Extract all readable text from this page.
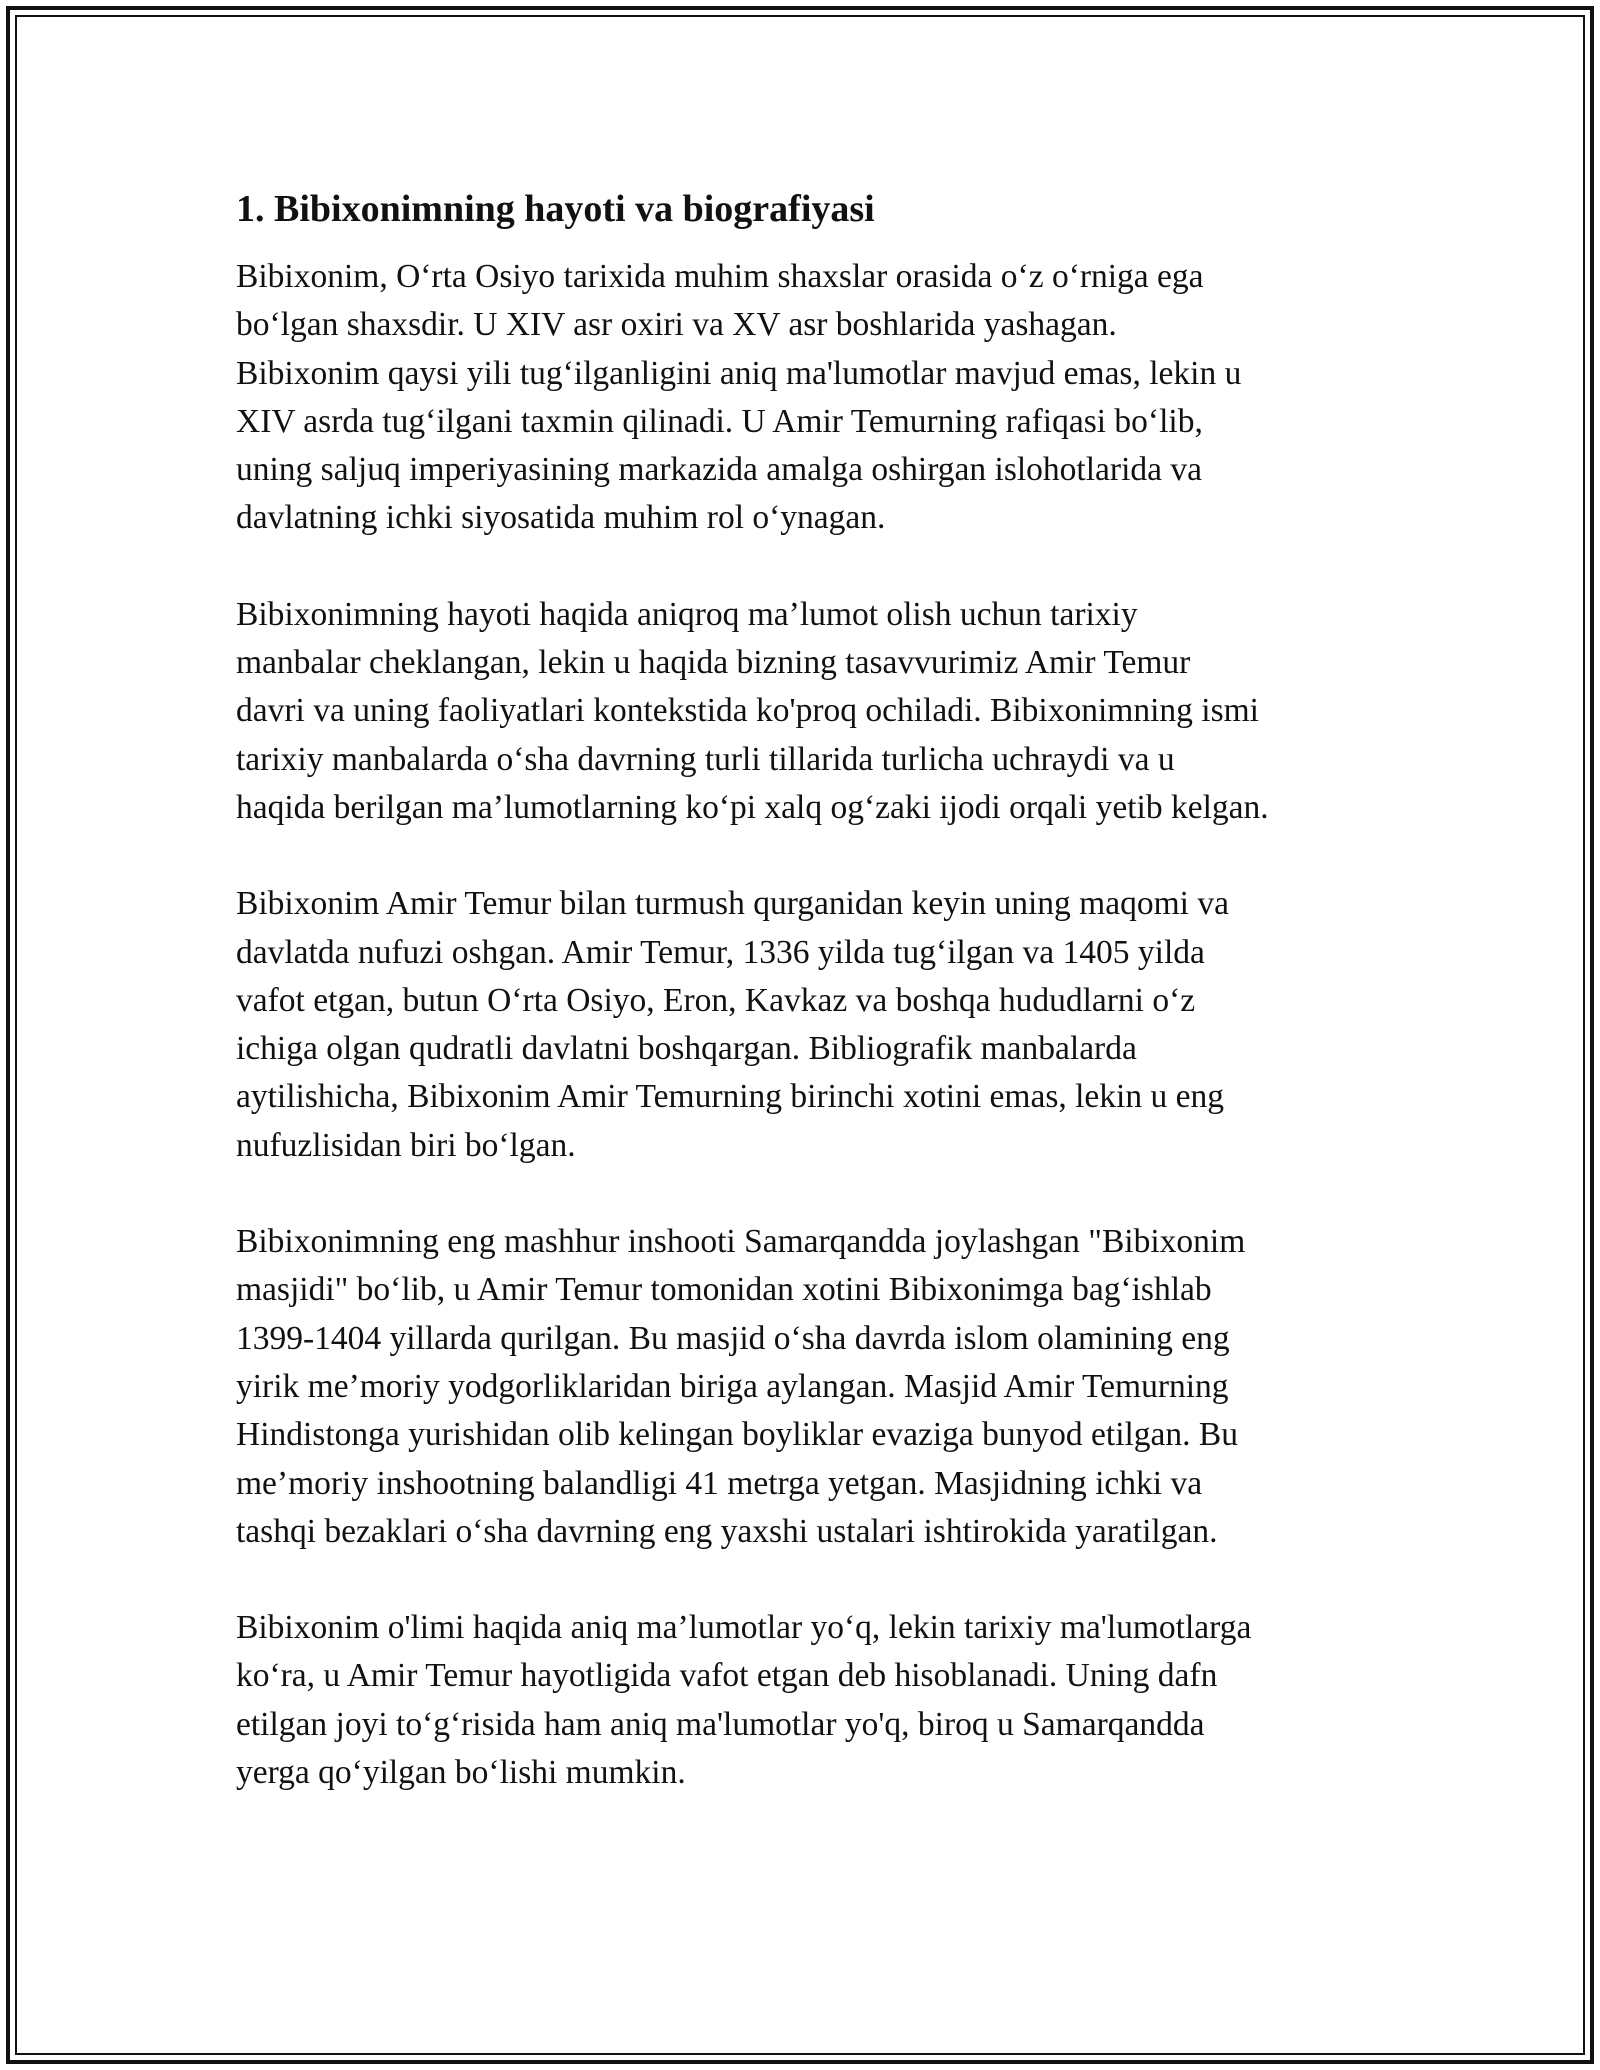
1. Bibixonimning hayoti va biografiyasi
Bibixonim, O‘rta Osiyo tarixida muhim shaxslar orasida o‘z o‘rniga ega
bo‘lgan shaxsdir. U XIV asr oxiri va XV asr boshlarida yashagan.
Bibixonim qaysi yili tug‘ilganligini aniq ma'lumotlar mavjud emas, lekin u
XIV asrda tug‘ilgani taxmin qilinadi. U Amir Temurning rafiqasi bo‘lib,
uning saljuq imperiyasining markazida amalga oshirgan islohotlarida va
davlatning ichki siyosatida muhim rol o‘ynagan.
Bibixonimning hayoti haqida aniqroq ma’lumot olish uchun tarixiy
manbalar cheklangan, lekin u haqida bizning tasavvurimiz Amir Temur
davri va uning faoliyatlari kontekstida ko'proq ochiladi. Bibixonimning ismi
tarixiy manbalarda o‘sha davrning turli tillarida turlicha uchraydi va u
haqida berilgan ma’lumotlarning ko‘pi xalq og‘zaki ijodi orqali yetib kelgan.
Bibixonim Amir Temur bilan turmush qurganidan keyin uning maqomi va
davlatda nufuzi oshgan. Amir Temur, 1336 yilda tug‘ilgan va 1405 yilda
vafot etgan, butun O‘rta Osiyo, Eron, Kavkaz va boshqa hududlarni o‘z
ichiga olgan qudratli davlatni boshqargan. Bibliografik manbalarda
aytilishicha, Bibixonim Amir Temurning birinchi xotini emas, lekin u eng
nufuzlisidan biri bo‘lgan.
Bibixonimning eng mashhur inshooti Samarqandda joylashgan "Bibixonim
masjidi" bo‘lib, u Amir Temur tomonidan xotini Bibixonimga bag‘ishlab
1399-1404 yillarda qurilgan. Bu masjid o‘sha davrda islom olamining eng
yirik me’moriy yodgorliklaridan biriga aylangan. Masjid Amir Temurning
Hindistonga yurishidan olib kelingan boyliklar evaziga bunyod etilgan. Bu
me’moriy inshootning balandligi 41 metrga yetgan. Masjidning ichki va
tashqi bezaklari o‘sha davrning eng yaxshi ustalari ishtirokida yaratilgan.
Bibixonim o'limi haqida aniq ma’lumotlar yo‘q, lekin tarixiy ma'lumotlarga
ko‘ra, u Amir Temur hayotligida vafot etgan deb hisoblanadi. Uning dafn
etilgan joyi to‘g‘risida ham aniq ma'lumotlar yo'q, biroq u Samarqandda
yerga qo‘yilgan bo‘lishi mumkin.
